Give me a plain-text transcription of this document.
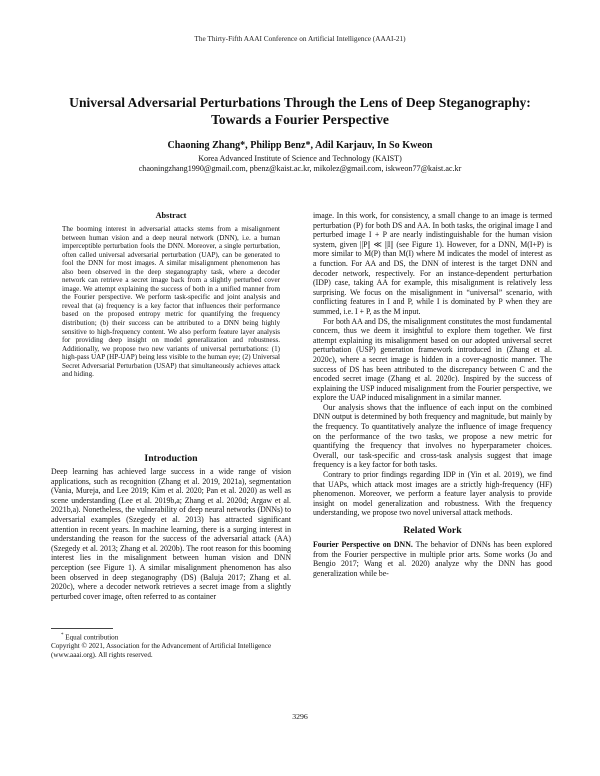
The Thirty-Fifth AAAI Conference on Artificial Intelligence (AAAI-21)
Universal Adversarial Perturbations Through the Lens of Deep Steganography: Towards a Fourier Perspective
Chaoning Zhang*, Philipp Benz*, Adil Karjauv, In So Kweon
Korea Advanced Institute of Science and Technology (KAIST)
chaoningzhang1990@gmail.com, pbenz@kaist.ac.kr, mikolez@gmail.com, iskweon77@kaist.ac.kr
Abstract

The booming interest in adversarial attacks stems from a misalignment between human vision and a deep neural network (DNN), i.e. a human imperceptible perturbation fools the DNN. Moreover, a single perturbation, often called universal adversarial perturbation (UAP), can be generated to fool the DNN for most images. A similar misalignment phenomenon has also been observed in the deep steganography task, where a decoder network can retrieve a secret image back from a slightly perturbed cover image. We attempt explaining the success of both in a unified manner from the Fourier perspective. We perform task-specific and joint analysis and reveal that (a) frequency is a key factor that influences their performance based on the proposed entropy metric for quantifying the frequency distribution; (b) their success can be attributed to a DNN being highly sensitive to high-frequency content. We also perform feature layer analysis for providing deep insight on model generalization and robustness. Additionally, we propose two new variants of universal perturbations: (1) high-pass UAP (HP-UAP) being less visible to the human eye; (2) Universal Secret Adversarial Perturbation (USAP) that simultaneously achieves attack and hiding.

Introduction

Deep learning has achieved large success in a wide range of vision applications, such as recognition (Zhang et al. 2019, 2021a), segmentation (Vania, Mureja, and Lee 2019; Kim et al. 2020; Pan et al. 2020) as well as scene understanding (Lee et al. 2019b,a; Zhang et al. 2020d; Argaw et al. 2021b,a). Nonetheless, the vulnerability of deep neural networks (DNNs) to adversarial examples (Szegedy et al. 2013) has attracted significant attention in recent years. In machine learning, there is a surging interest in understanding the reason for the success of the adversarial attack (AA) (Szegedy et al. 2013; Zhang et al. 2020b). The root reason for this booming interest lies in the misalignment between human vision and DNN perception (see Figure 1). A similar misalignment phenomenon has also been observed in deep steganography (DS) (Baluja 2017; Zhang et al. 2020c), where a decoder network retrieves a secret image from a slightly perturbed cover image, often referred to as container

* Equal contribution
Copyright © 2021, Association for the Advancement of Artificial Intelligence (www.aaai.org). All rights reserved.

image. In this work, for consistency, a small change to an image is termed perturbation (P) for both DS and AA. In both tasks, the original image I and perturbed image I + P are nearly indistinguishable for the human vision system, given ||P|| ≪ ||I|| (see Figure 1). However, for a DNN, M(I+P) is more similar to M(P) than M(I) where M indicates the model of interest as a function. For AA and DS, the DNN of interest is the target DNN and decoder network, respectively. For an instance-dependent perturbation (IDP) case, taking AA for example, this misalignment is relatively less surprising. We focus on the misalignment in “universal” scenario, with conflicting features in I and P, while I is dominated by P when they are summed, i.e. I + P, as the M input.

For both AA and DS, the misalignment constitutes the most fundamental concern, thus we deem it insightful to explore them together. We first attempt explaining its misalignment based on our adopted universal secret perturbation (USP) generation framework introduced in (Zhang et al. 2020c), where a secret image is hidden in a cover-agnostic manner. The success of DS has been attributed to the discrepancy between C and the encoded secret image (Zhang et al. 2020c). Inspired by the success of explaining the USP induced misalignment from the Fourier perspective, we explore the UAP induced misalignment in a similar manner.

Our analysis shows that the influence of each input on the combined DNN output is determined by both frequency and magnitude, but mainly by the frequency. To quantitatively analyze the influence of image frequency on the performance of the two tasks, we propose a new metric for quantifying the frequency that involves no hyperparameter choices. Overall, our task-specific and cross-task analysis suggest that image frequency is a key factor for both tasks.

Contrary to prior findings regarding IDP in (Yin et al. 2019), we find that UAPs, which attack most images are a strictly high-frequency (HF) phenomenon. Moreover, we perform a feature layer analysis to provide insight on model generalization and robustness. With the frequency understanding, we propose two novel universal attack methods.

Related Work

Fourier Perspective on DNN. The behavior of DNNs has been explored from the Fourier perspective in multiple prior arts. Some works (Jo and Bengio 2017; Wang et al. 2020) analyze why the DNN has good generalization while be-

3296
